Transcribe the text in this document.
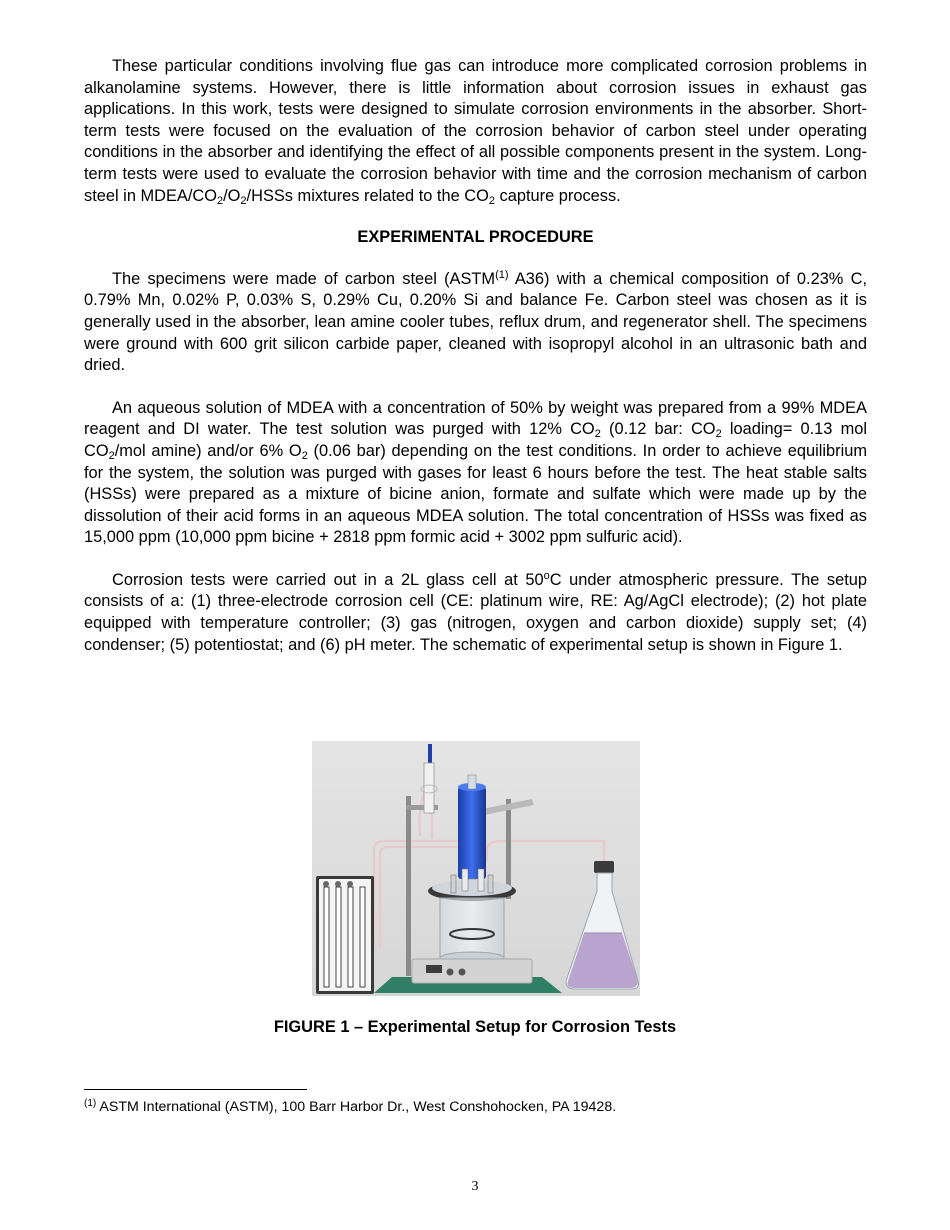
These particular conditions involving flue gas can introduce more complicated corrosion problems in alkanolamine systems. However, there is little information about corrosion issues in exhaust gas applications. In this work, tests were designed to simulate corrosion environments in the absorber. Short-term tests were focused on the evaluation of the corrosion behavior of carbon steel under operating conditions in the absorber and identifying the effect of all possible components present in the system. Long-term tests were used to evaluate the corrosion behavior with time and the corrosion mechanism of carbon steel in MDEA/$CO_2/O_2$/HSSs mixtures related to the $CO_2$ capture process.

EXPERIMENTAL PROCEDURE

The specimens were made of carbon steel (ASTM$^{(1)}$ A36) with a chemical composition of 0.23% C, 0.79% Mn, 0.02% P, 0.03% S, 0.29% Cu, 0.20% Si and balance Fe. Carbon steel was chosen as it is generally used in the absorber, lean amine cooler tubes, reflux drum, and regenerator shell. The specimens were ground with 600 grit silicon carbide paper, cleaned with isopropyl alcohol in an ultrasonic bath and dried.

An aqueous solution of MDEA with a concentration of 50% by weight was prepared from a 99% MDEA reagent and DI water. The test solution was purged with 12% $CO_2$ (0.12 bar: $CO_2$ loading= 0.13 mol $CO_2$/mol amine) and/or 6% $O_2$ (0.06 bar) depending on the test conditions. In order to achieve equilibrium for the system, the solution was purged with gases for least 6 hours before the test. The heat stable salts (HSSs) were prepared as a mixture of bicine anion, formate and sulfate which were made up by the dissolution of their acid forms in an aqueous MDEA solution. The total concentration of HSSs was fixed as 15,000 ppm (10,000 ppm bicine + 2818 ppm formic acid + 3002 ppm sulfuric acid).

Corrosion tests were carried out in a 2L glass cell at 50$^o$C under atmospheric pressure. The setup consists of a: (1) three-electrode corrosion cell (CE: platinum wire, RE: Ag/AgCl electrode); (2) hot plate equipped with temperature controller; (3) gas (nitrogen, oxygen and carbon dioxide) supply set; (4) condenser; (5) potentiostat; and (6) pH meter. The schematic of experimental setup is shown in Figure 1.

FIGURE 1 – Experimental Setup for Corrosion Tests
$^{(1)}$ ASTM International (ASTM), 100 Barr Harbor Dr., West Conshohocken, PA 19428.
3
